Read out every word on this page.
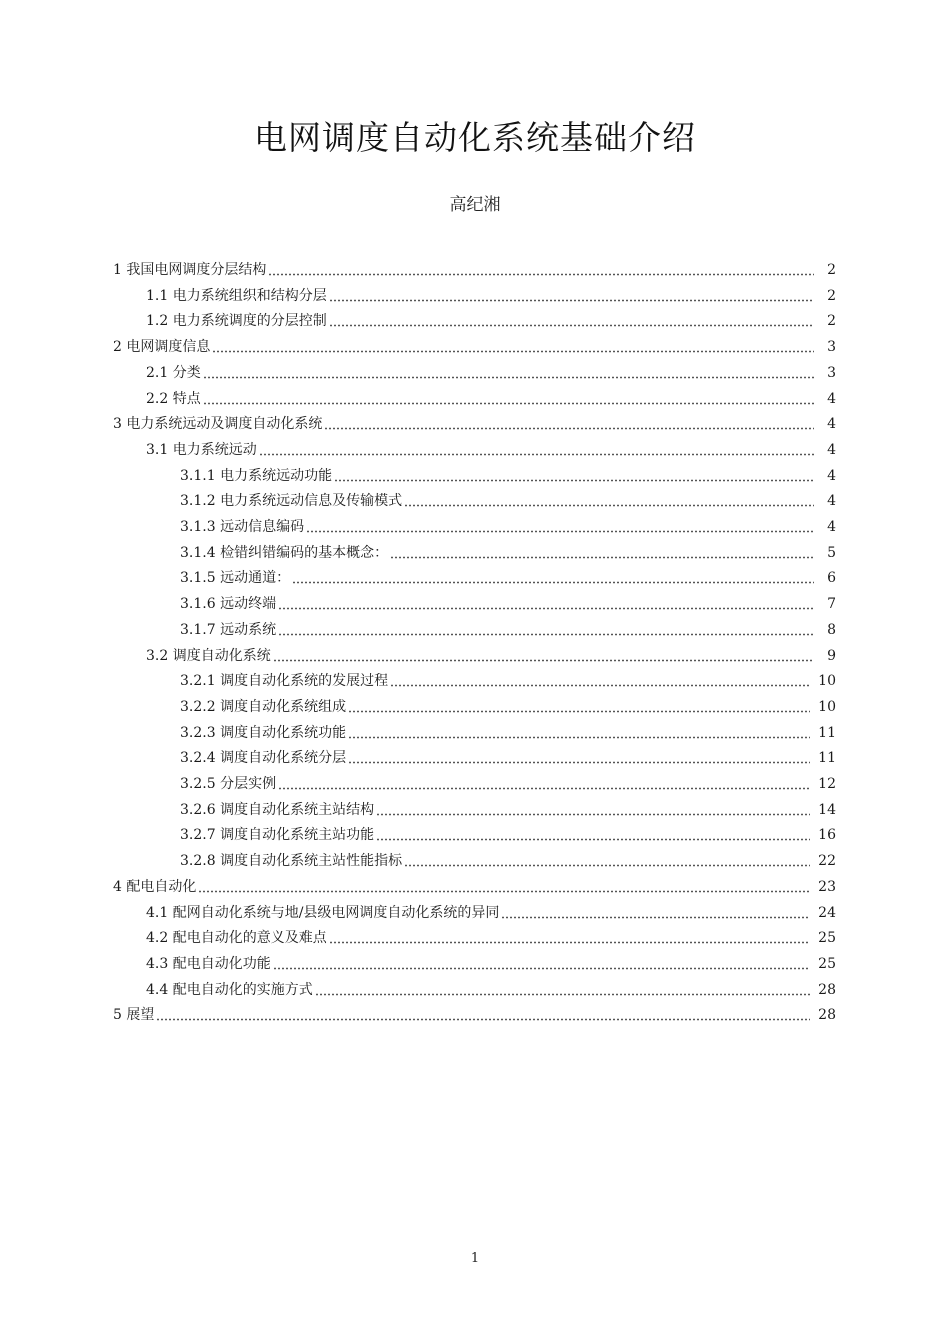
电网调度自动化系统基础介绍
高纪湘
1 我国电网调度分层结构	2
1.1 电力系统组织和结构分层	2
1.2 电力系统调度的分层控制	2
2 电网调度信息	3
2.1 分类	3
2.2 特点	4
3 电力系统远动及调度自动化系统	4
3.1 电力系统远动	4
3.1.1 电力系统远动功能	4
3.1.2 电力系统远动信息及传输模式	4
3.1.3 远动信息编码	4
3.1.4 检错纠错编码的基本概念：	5
3.1.5 远动通道：	6
3.1.6 远动终端	7
3.1.7 远动系统	8
3.2 调度自动化系统	9
3.2.1 调度自动化系统的发展过程	10
3.2.2 调度自动化系统组成	10
3.2.3 调度自动化系统功能	11
3.2.4 调度自动化系统分层	11
3.2.5 分层实例	12
3.2.6 调度自动化系统主站结构	14
3.2.7 调度自动化系统主站功能	16
3.2.8 调度自动化系统主站性能指标	22
4 配电自动化	23
4.1 配网自动化系统与地/县级电网调度自动化系统的异同	24
4.2 配电自动化的意义及难点	25
4.3 配电自动化功能	25
4.4 配电自动化的实施方式	28
5 展望	28
1
